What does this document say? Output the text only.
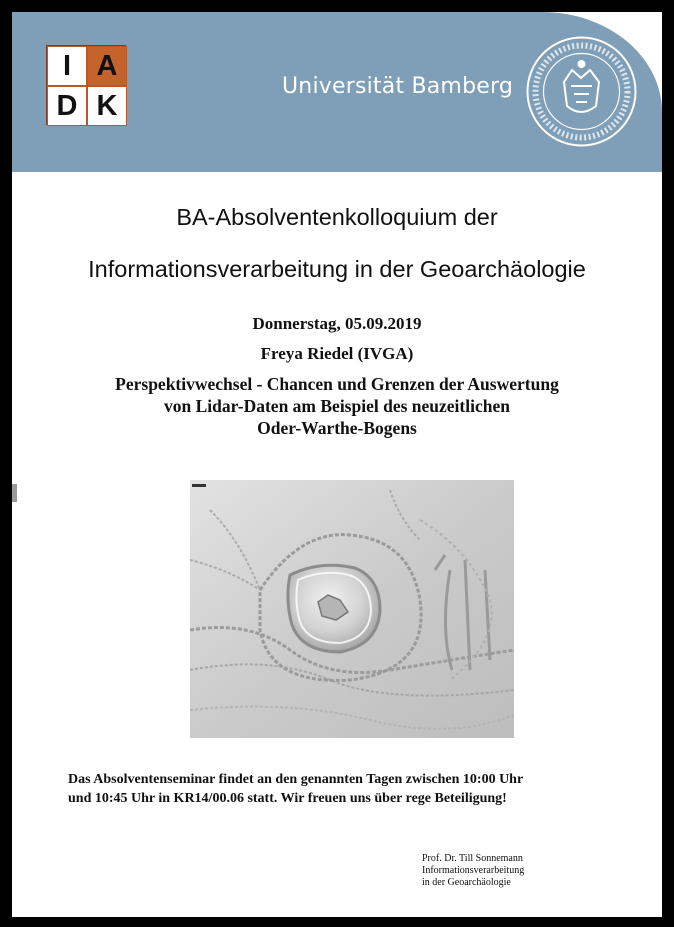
I A
D K
Universität Bamberg
BA-Absolventenkolloquium der
Informationsverarbeitung in der Geoarchäologie
Donnerstag, 05.09.2019
Freya Riedel (IVGA)
Perspektivwechsel - Chancen und Grenzen der Auswertung
von Lidar-Daten am Beispiel des neuzeitlichen
Oder-Warthe-Bogens
Das Absolventenseminar findet an den genannten Tagen zwischen 10:00 Uhr
und 10:45 Uhr in KR14/00.06 statt. Wir freuen uns über rege Beteiligung!
Prof. Dr. Till Sonnemann
Informationsverarbeitung
in der Geoarchäologie
